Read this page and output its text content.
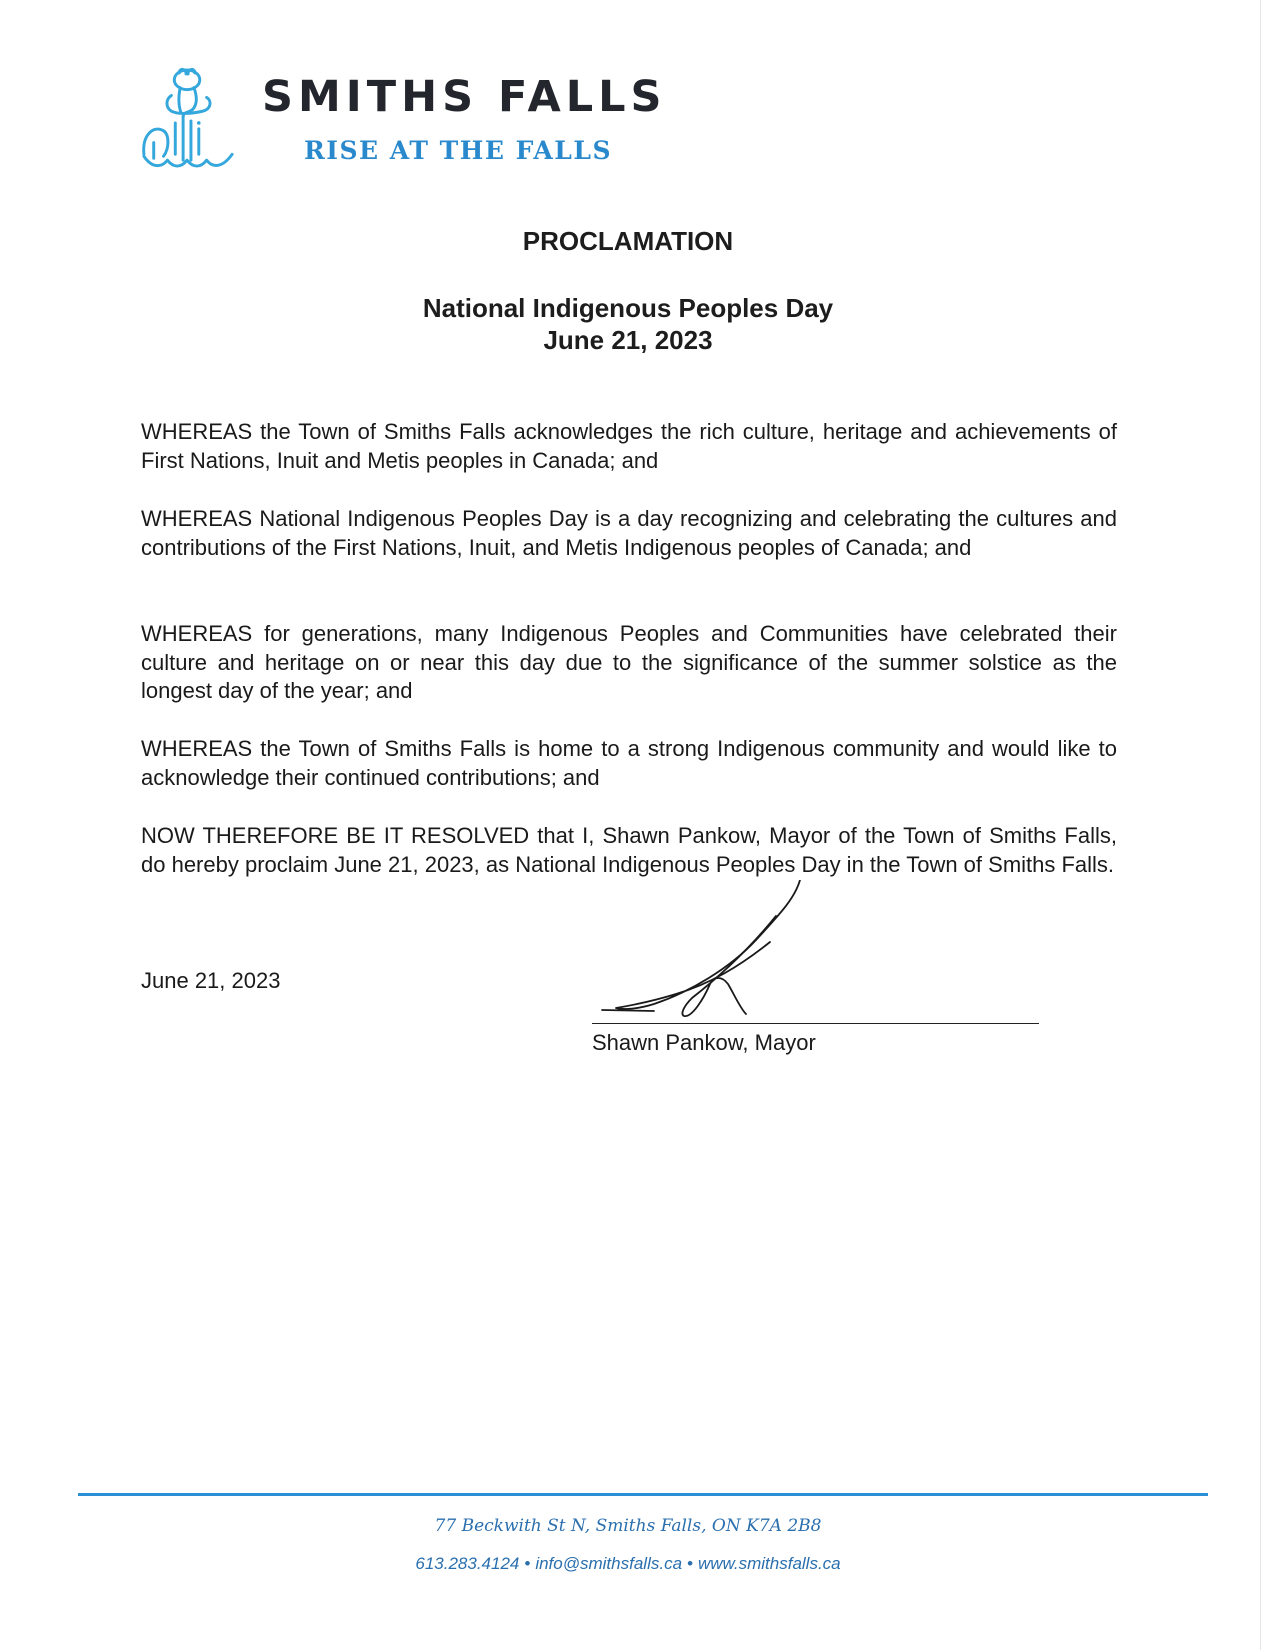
SMITHS FALLS
RISE AT THE FALLS
PROCLAMATION
National Indigenous Peoples Day
June 21, 2023

WHEREAS the Town of Smiths Falls acknowledges the rich culture, heritage and achievements of First Nations, Inuit and Metis peoples in Canada; and

WHEREAS National Indigenous Peoples Day is a day recognizing and celebrating the cultures and contributions of the First Nations, Inuit, and Metis Indigenous peoples of Canada; and

WHEREAS for generations, many Indigenous Peoples and Communities have celebrated their culture and heritage on or near this day due to the significance of the summer solstice as the longest day of the year; and

WHEREAS the Town of Smiths Falls is home to a strong Indigenous community and would like to acknowledge their continued contributions; and

NOW THEREFORE BE IT RESOLVED that I, Shawn Pankow, Mayor of the Town of Smiths Falls, do hereby proclaim June 21, 2023, as National Indigenous Peoples Day in the Town of Smiths Falls.

June 21, 2023
Shawn Pankow, Mayor
77 Beckwith St N, Smiths Falls, ON K7A 2B8
613.283.4124 • info@smithsfalls.ca • www.smithsfalls.ca
